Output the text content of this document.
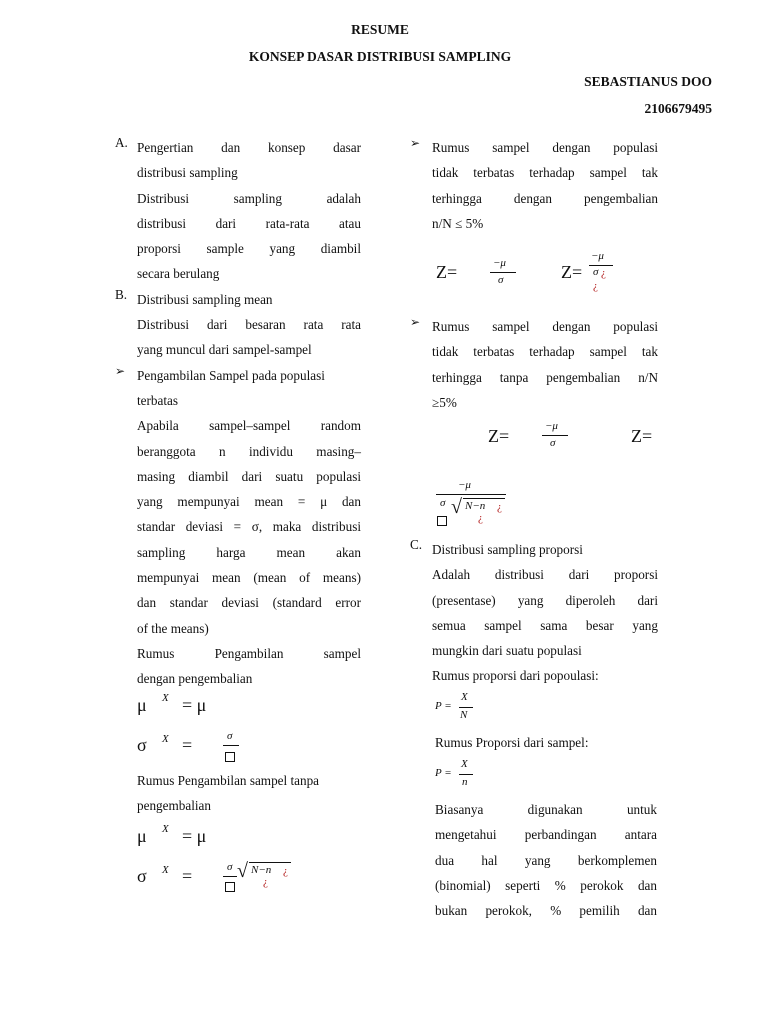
RESUME
KONSEP DASAR DISTRIBUSI SAMPLING
SEBASTIANUS DOO
2106679495
A. Pengertian dan konsep dasar
distribusi sampling
Distribusi sampling adalah
distribusi dari rata-rata atau
proporsi sample yang diambil
secara berulang
B. Distribusi sampling mean
Distribusi dari besaran rata rata
yang muncul dari sampel-sampel
➢ Pengambilan Sampel pada populasi
terbatas
Apabila sampel–sampel random
beranggota n individu masing–
masing diambil dari suatu populasi
yang mempunyai mean = μ dan
standar deviasi = σ, maka distribusi
sampling harga mean akan
mempunyai mean (mean of means)
dan standar deviasi (standard error
of the means)
Rumus Pengambilan sampel
dengan pengembalian
μ X = μ
σ X =	σ
Rumus Pengambilan sampel tanpa
pengembalian
μ X = μ
σ X =	σ √ N−n ¿
¿
➢ Rumus sampel dengan populasi
tidak terbatas terhadap sampel tak
terhingga dengan pengembalian
n/N ≤ 5%
Z=	−μ
σ	Z=
−μ
σ ¿
¿
➢ Rumus sampel dengan populasi
tidak terbatas terhadap sampel tak
terhingga tanpa pengembalian n/N
≥5%
Z=	−μ
σ	Z=
−μ
σ √ N−n ¿
¿
C. Distribusi sampling proporsi
Adalah distribusi dari proporsi
(presentase) yang diperoleh dari
semua sampel sama besar yang
mungkin dari suatu populasi
Rumus proporsi dari popoulasi:
P =
X
N
Rumus Proporsi dari sampel:
P =
X
n
Biasanya digunakan untuk
mengetahui perbandingan antara
dua hal yang berkomplemen
(binomial) seperti % perokok dan
bukan perokok, % pemilih dan
